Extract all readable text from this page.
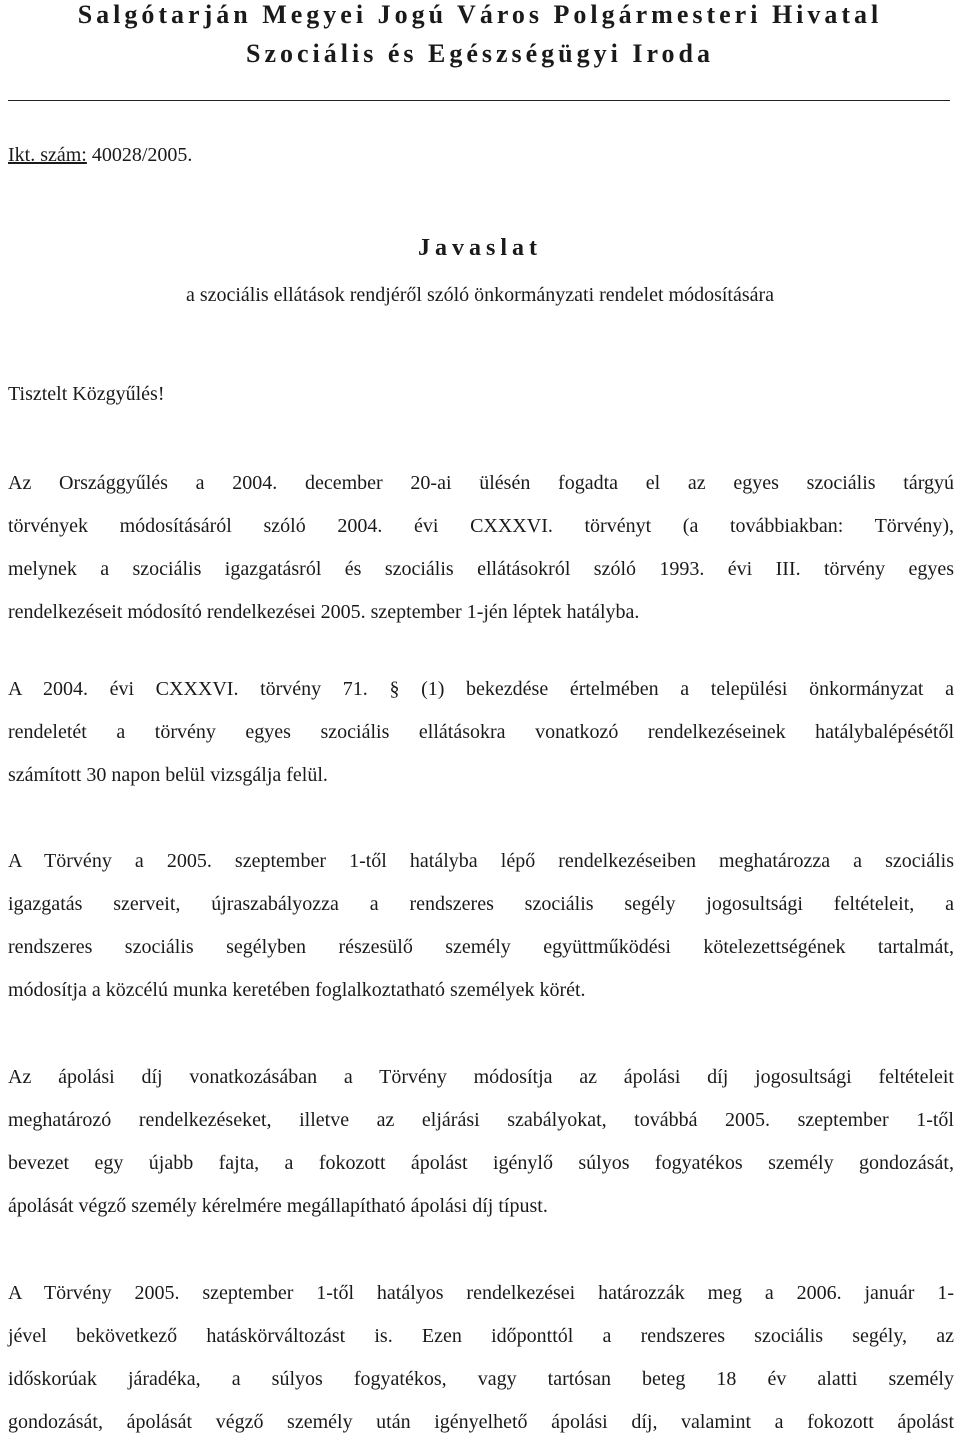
Salgótarján Megyei Jogú Város Polgármesteri Hivatal
Szociális és Egészségügyi Iroda
Ikt. szám: 40028/2005.
Javaslat
a szociális ellátások rendjéről szóló önkormányzati rendelet módosítására
Tisztelt Közgyűlés!
Az Országgyűlés a 2004. december 20-ai ülésén fogadta el az egyes szociális tárgyú
törvények módosításáról szóló 2004. évi CXXXVI. törvényt (a továbbiakban: Törvény),
melynek a szociális igazgatásról és szociális ellátásokról szóló 1993. évi III. törvény egyes
rendelkezéseit módosító rendelkezései 2005. szeptember 1-jén léptek hatályba.
A 2004. évi CXXXVI. törvény 71. § (1) bekezdése értelmében a települési önkormányzat a
rendeletét a törvény egyes szociális ellátásokra vonatkozó rendelkezéseinek hatálybalépésétől
számított 30 napon belül vizsgálja felül.
A Törvény a 2005. szeptember 1-től hatályba lépő rendelkezéseiben meghatározza a szociális
igazgatás szerveit, újraszabályozza a rendszeres szociális segély jogosultsági feltételeit, a
rendszeres szociális segélyben részesülő személy együttműködési kötelezettségének tartalmát,
módosítja a közcélú munka keretében foglalkoztatható személyek körét.
Az ápolási díj vonatkozásában a Törvény módosítja az ápolási díj jogosultsági feltételeit
meghatározó rendelkezéseket, illetve az eljárási szabályokat, továbbá 2005. szeptember 1-től
bevezet egy újabb fajta, a fokozott ápolást igénylő súlyos fogyatékos személy gondozását,
ápolását végző személy kérelmére megállapítható ápolási díj típust.
A Törvény 2005. szeptember 1-től hatályos rendelkezései határozzák meg a 2006. január 1-
jével bekövetkező hatáskörváltozást is. Ezen időponttól a rendszeres szociális segély, az
időskorúak járadéka, a súlyos fogyatékos, vagy tartósan beteg 18 év alatti személy
gondozását, ápolását végző személy után igényelhető ápolási díj, valamint a fokozott ápolást
